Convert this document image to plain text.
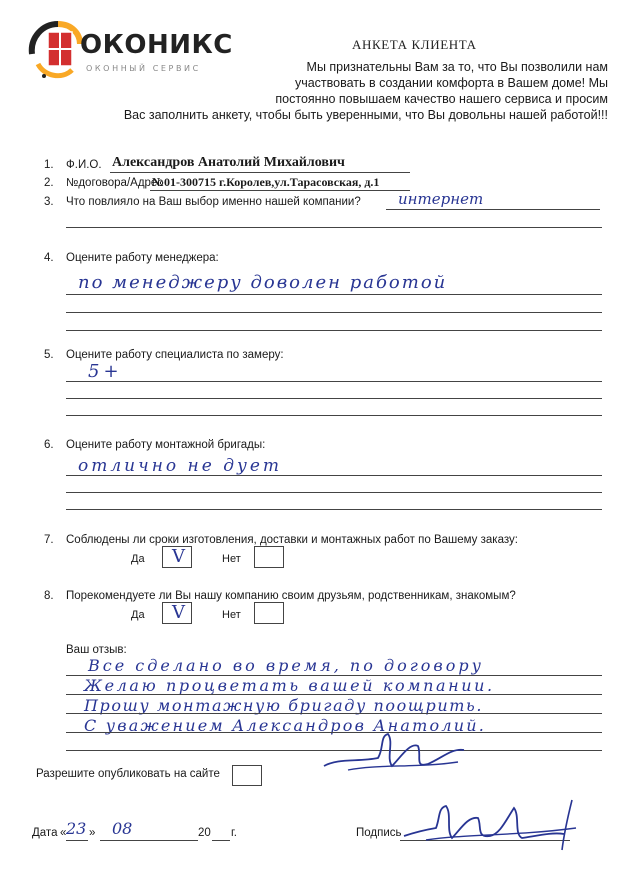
ОКОНИКС
ОКОННЫЙ СЕРВИС
АНКЕТА КЛИЕНТА
Мы признательны Вам за то, что Вы позволили нам
участвовать в создании комфорта в Вашем доме! Мы
постоянно повышаем качество нашего сервиса и просим
Вас заполнить анкету, чтобы быть уверенными, что Вы довольны нашей работой!!!
1. Ф.И.О. Александров Анатолий Михайлович
2. №договора/Адрес
№01-300715 г.Королев,ул.Тарасовская, д.1
3. Что повлияло на Ваш выбор именно нашей компании? интернет
4. Оцените работу менеджера:
по менеджеру доволен работой
5. Оцените работу специалиста по замеру:
5+
6. Оцените работу монтажной бригады:
отлично не дует
7. Соблюдены ли сроки изготовления, доставки и монтажных работ по Вашему заказу:
Да V	Нет
8. Порекомендуете ли Вы нашу компанию своим друзьям, родственникам, знакомым?
Да V	Нет
Ваш отзыв:
Все сделано во время, по договору
Желаю процветать вашей компании.
Прошу монтажную бригаду поощрить.
С уважением Александров Анатолий.
Разрешите опубликовать на сайте
Дата « 23 » 08	20 г.	Подпись
